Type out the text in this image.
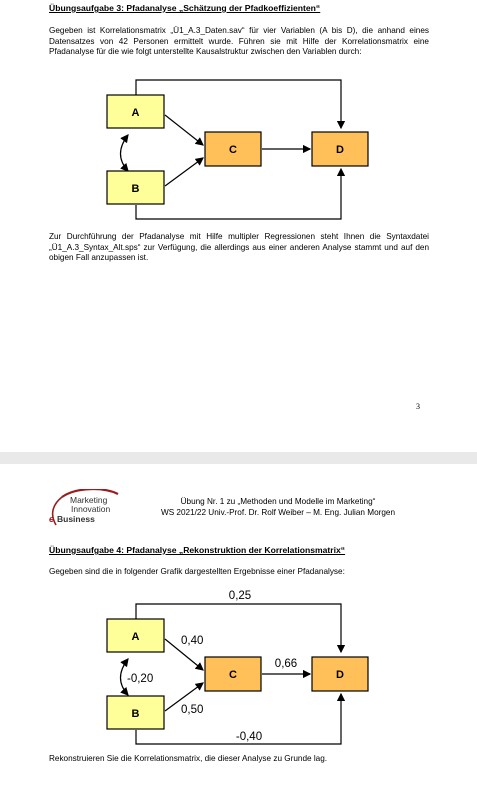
Übungsaufgabe 3: Pfadanalyse „Schätzung der Pfadkoeffizienten“
Gegeben ist Korrelationsmatrix „Ü1_A.3_Daten.sav“ für vier Variablen (A bis D), die anhand eines Datensatzes von 42 Personen ermittelt wurde. Führen sie mit Hilfe der Korrelationsmatrix eine Pfadanalyse für die wie folgt unterstellte Kausalstruktur zwischen den Variablen durch:
A
B
C	D
Zur Durchführung der Pfadanalyse mit Hilfe multipler Regressionen steht Ihnen die Syntaxdatei „Ü1_A.3_Syntax_Alt.sps“ zur Verfügung, die allerdings aus einer anderen Analyse stammt und auf den obigen Fall anzupassen ist.
3
Marketing
Innovation
e Business
Übung Nr. 1 zu „Methoden und Modelle im Marketing“
WS 2021/22 Univ.-Prof. Dr. Rolf Weiber – M. Eng. Julian Morgen
Übungsaufgabe 4: Pfadanalyse „Rekonstruktion der Korrelationsmatrix“
Gegeben sind die in folgender Grafik dargestellten Ergebnisse einer Pfadanalyse:
A
B
C	D
0,25
0,40
-0,20
0,66
0,50
-0,40
Rekonstruieren Sie die Korrelationsmatrix, die dieser Analyse zu Grunde lag.
